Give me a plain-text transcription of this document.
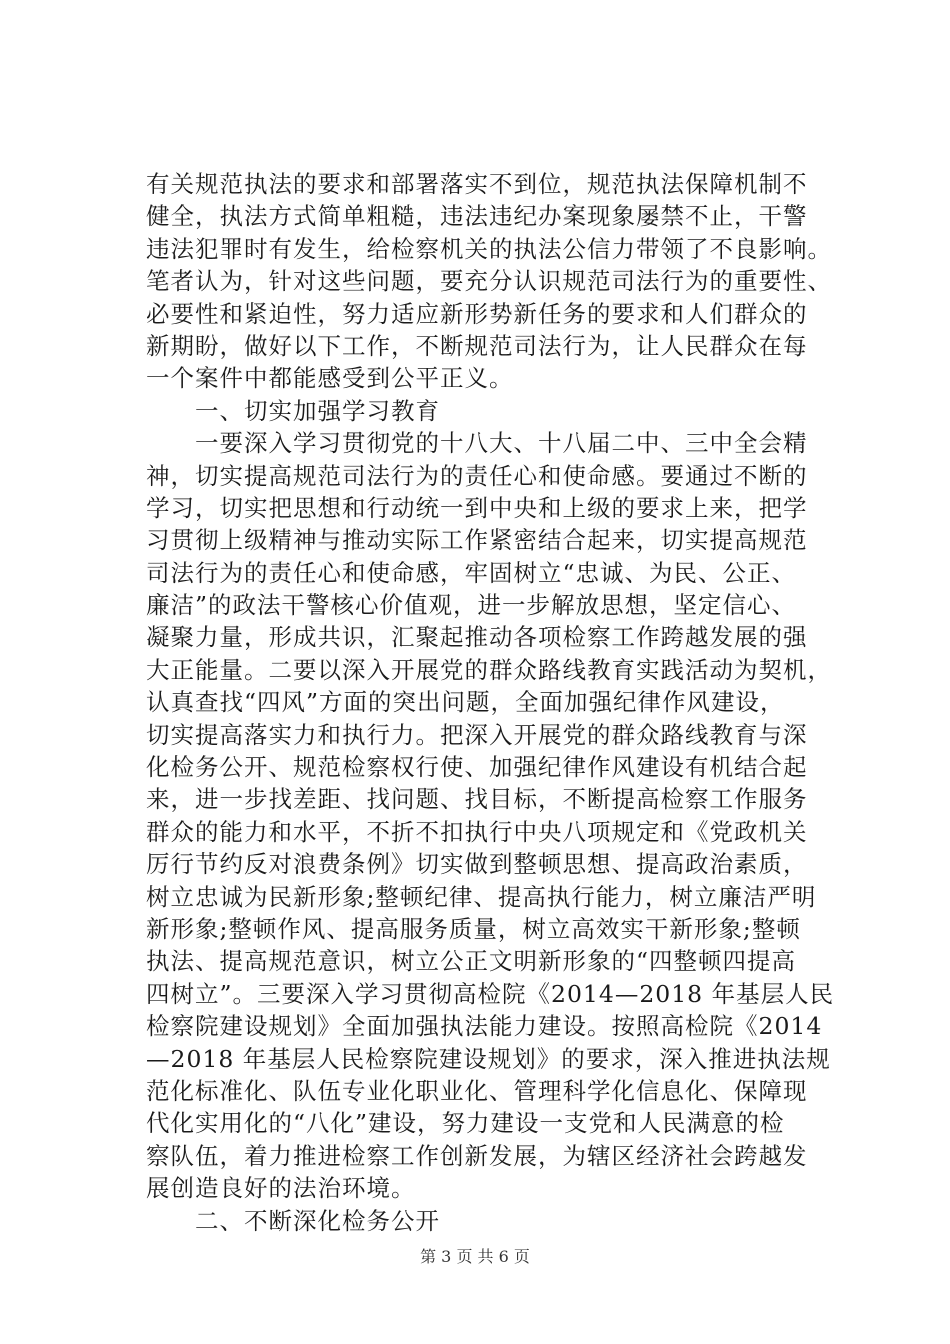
有关规范执法的要求和部署落实不到位，规范执法保障机制不
健全，执法方式简单粗糙，违法违纪办案现象屡禁不止，干警
违法犯罪时有发生，给检察机关的执法公信力带领了不良影响。
笔者认为，针对这些问题，要充分认识规范司法行为的重要性、
必要性和紧迫性，努力适应新形势新任务的要求和人们群众的
新期盼，做好以下工作，不断规范司法行为，让人民群众在每
一个案件中都能感受到公平正义。
　　一、切实加强学习教育
　　一要深入学习贯彻党的十八大、十八届二中、三中全会精
神，切实提高规范司法行为的责任心和使命感。要通过不断的
学习，切实把思想和行动统一到中央和上级的要求上来，把学
习贯彻上级精神与推动实际工作紧密结合起来，切实提高规范
司法行为的责任心和使命感，牢固树立“忠诚、为民、公正、
廉洁”的政法干警核心价值观，进一步解放思想，坚定信心、
凝聚力量，形成共识，汇聚起推动各项检察工作跨越发展的强
大正能量。二要以深入开展党的群众路线教育实践活动为契机，
认真查找“四风”方面的突出问题，全面加强纪律作风建设，
切实提高落实力和执行力。把深入开展党的群众路线教育与深
化检务公开、规范检察权行使、加强纪律作风建设有机结合起
来，进一步找差距、找问题、找目标，不断提高检察工作服务
群众的能力和水平，不折不扣执行中央八项规定和《党政机关
厉行节约反对浪费条例》切实做到整顿思想、提高政治素质，
树立忠诚为民新形象;整顿纪律、提高执行能力，树立廉洁严明
新形象;整顿作风、提高服务质量，树立高效实干新形象;整顿
执法、提高规范意识，树立公正文明新形象的“四整顿四提高
四树立”。三要深入学习贯彻高检院《2014—2018 年基层人民
检察院建设规划》全面加强执法能力建设。按照高检院《2014
—2018 年基层人民检察院建设规划》的要求，深入推进执法规
范化标准化、队伍专业化职业化、管理科学化信息化、保障现
代化实用化的“八化”建设，努力建设一支党和人民满意的检
察队伍，着力推进检察工作创新发展，为辖区经济社会跨越发
展创造良好的法治环境。
　　二、不断深化检务公开
第 3 页 共 6 页
